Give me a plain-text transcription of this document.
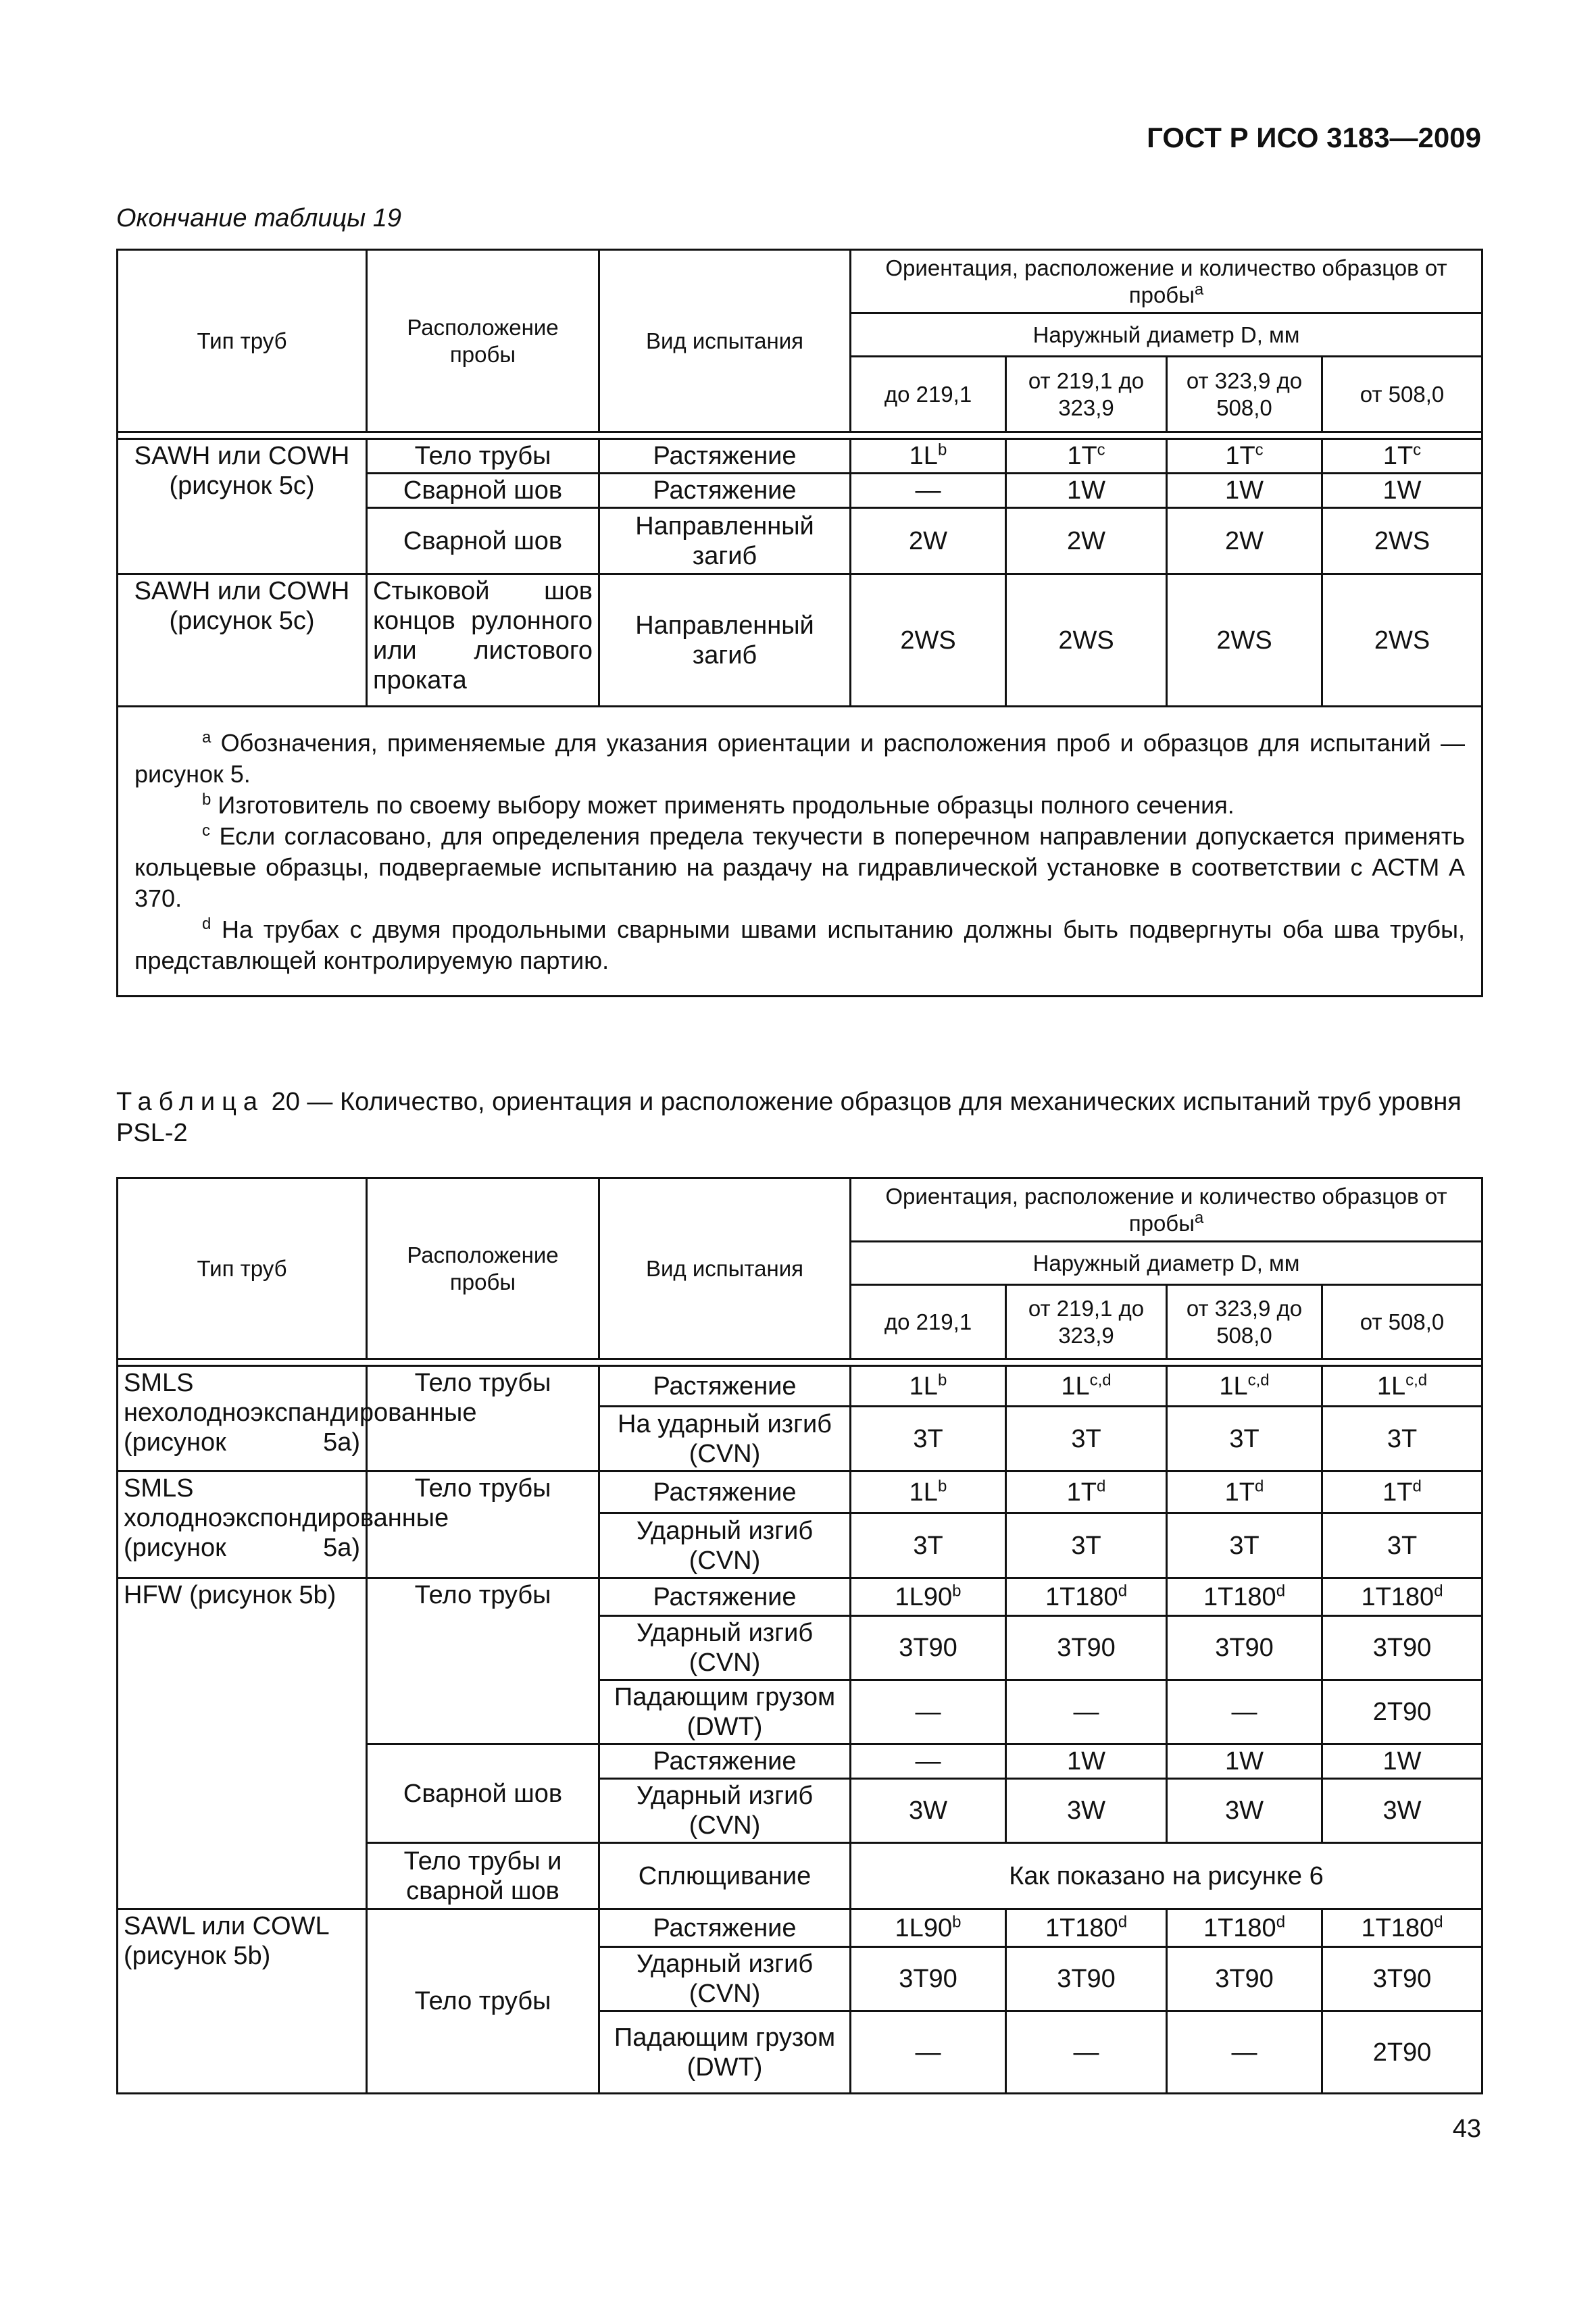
ГОСТ Р ИСО 3183—2009
Окончание таблицы 19
Тип труб	Расположение пробы	Вид испытания	Ориентация, расположение и количество образцов от пробы$^a$
			Наружный диаметр D, мм			
			до 219,1	от 219,1 до 323,9	от 323,9 до 508,0	от 508,0

SAWH или COWH (рисунок 5с)	Тело трубы	Растяжение	$1L^b$	$1T^c$	$1T^c$	$1T^c$
	Сварной шов	Растяжение	—	1W	1W	1W
	Сварной шов	Направленный загиб	2W	2W	2W	2WS
SAWH или COWH (рисунок 5с)	Стыковой шов концов рулонного или листового проката	Направленный загиб	2WS	2WS	2WS	2WS

$^a$ Обозначения, применяемые для указания ориентации и расположения проб и образцов для испытаний — рисунок 5.

$^b$ Изготовитель по своему выбору может применять продольные образцы полного сечения.

$^c$ Если согласовано, для определения предела текучести в поперечном направлении допускается применять кольцевые образцы, подвергаемые испытанию на раздачу на гидравлической установке в соответствии с АСТМ А 370.

$^d$ На трубах с двумя продольными сварными швами испытанию должны быть подвергнуты оба шва трубы, представлющей контролируемую партию.						

Таблица 20 — Количество, ориентация и расположение образцов для механических испытаний труб уровня PSL-2
Тип труб	Расположение пробы	Вид испытания	Ориентация, расположение и количество образцов от пробы$^a$
			Наружный диаметр D, мм			
			до 219,1	от 219,1 до 323,9	от 323,9 до 508,0	от 508,0

SMLS нехолоднoэкспандированные (рисунок 5а)	Тело трубы	Растяжение	$1L^b$	$1L^{c,d}$	$1L^{c,d}$	$1L^{c,d}$
		На ударный изгиб (CVN)	3T	3T	3T	3T
SMLS холодноэкспондированные (рисунок 5а)	Тело трубы	Растяжение	$1L^b$	$1T^d$	$1T^d$	$1T^d$
		Ударный изгиб (CVN)	3T	3T	3T	3T
HFW (рисунок 5b)	Тело трубы	Растяжение	1L90$^b$	1T180$^d$	1T180$^d$	1T180$^d$
		Ударный изгиб (CVN)	3T90	3T90	3T90	3T90
		Падающим грузом (DWT)	—	—	—	2T90
	Сварной шов	Растяжение	—	1W	1W	1W
		Ударный изгиб (CVN)	3W	3W	3W	3W
	Тело трубы и сварной шов	Сплющивание	Как показано на рисунке 6			
SAWL или COWL (рисунок 5b)	Тело трубы	Растяжение	1L90$^b$	1T180$^d$	1T180$^d$	1T180$^d$
		Ударный изгиб (CVN)	3T90	3T90	3T90	3T90
		Падающим грузом (DWT)	—	—	—	2T90
43
